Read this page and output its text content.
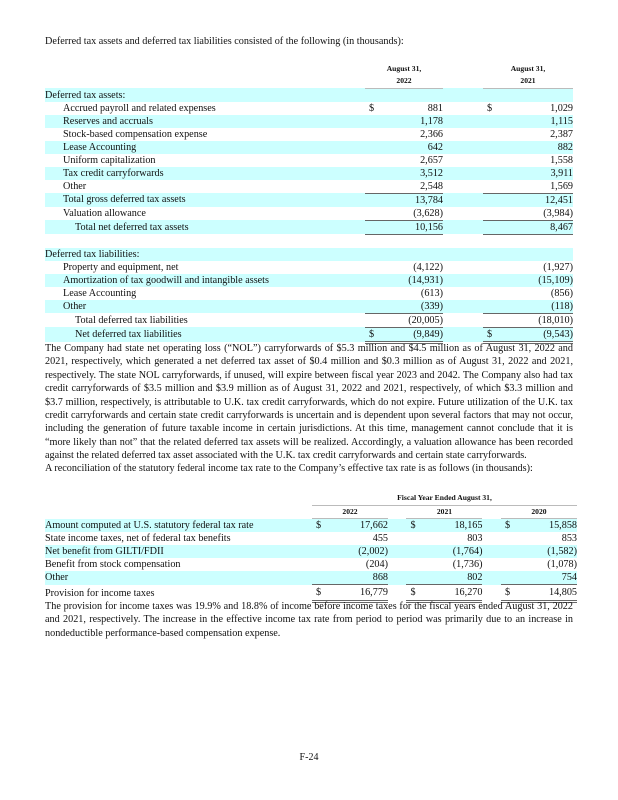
Deferred tax assets and deferred tax liabilities consisted of the following (in thousands):

	August 31,			August 31,	
	2022			2021	
Deferred tax assets:					
Accrued payroll and related expenses	$	881		$	1,029
Reserves and accruals		1,178			1,115
Stock-based compensation expense		2,366			2,387
Lease Accounting		642			882
Uniform capitalization		2,657			1,558
Tax credit carryforwards		3,512			3,911
Other		2,548			1,569
Total gross deferred tax assets		13,784			12,451
Valuation allowance		(3,628)			(3,984)
Total net deferred tax assets		10,156			8,467

Deferred tax liabilities:					
Property and equipment, net		(4,122)			(1,927)
Amortization of tax goodwill and intangible assets		(14,931)			(15,109)
Lease Accounting		(613)			(856)
Other		(339)			(118)
Total deferred tax liabilities		(20,005)			(18,010)
Net deferred tax liabilities	$	(9,849)		$	(9,543)

The Company had state net operating loss (“NOL”) carryforwards of $5.3 million and $4.5 million as of August 31, 2022 and 2021, respectively, which generated a net deferred tax asset of $0.4 million and $0.3 million as of August 31, 2022 and 2021, respectively. The state NOL carryforwards, if unused, will expire between fiscal year 2023 and 2042. The Company also had tax credit carryforwards of $3.5 million and $3.9 million as of August 31, 2022 and 2021, respectively, of which $3.3 million and $3.7 million, respectively, is attributable to U.K. tax credit carryforwards, which do not expire. Future utilization of the U.K. tax credit carryforwards and certain state credit carryforwards is uncertain and is dependent upon several factors that may not occur, including the generation of future taxable income in certain jurisdictions. At this time, management cannot conclude that it is “more likely than not” that the related deferred tax assets will be realized. Accordingly, a valuation allowance has been recorded against the related deferred tax asset associated with the U.K. tax credit carryforwards and certain state carryforwards.

A reconciliation of the statutory federal income tax rate to the Company’s effective tax rate is as follows (in thousands):

	Fiscal Year Ended August 31,							
	2022			2021			2020	
Amount computed at U.S. statutory federal tax rate	$	17,662		$	18,165		$	15,858
State income taxes, net of federal tax benefits		455			803			853
Net benefit from GILTI/FDII		(2,002)			(1,764)			(1,582)
Benefit from stock compensation		(204)			(1,736)			(1,078)
Other		868			802			754
Provision for income taxes	$	16,779		$	16,270		$	14,805

The provision for income taxes was 19.9% and 18.8% of income before income taxes for the fiscal years ended August 31, 2022 and 2021, respectively. The increase in the effective income tax rate from period to period was primarily due to an increase in nondeductible performance-based compensation expense.

F-24
